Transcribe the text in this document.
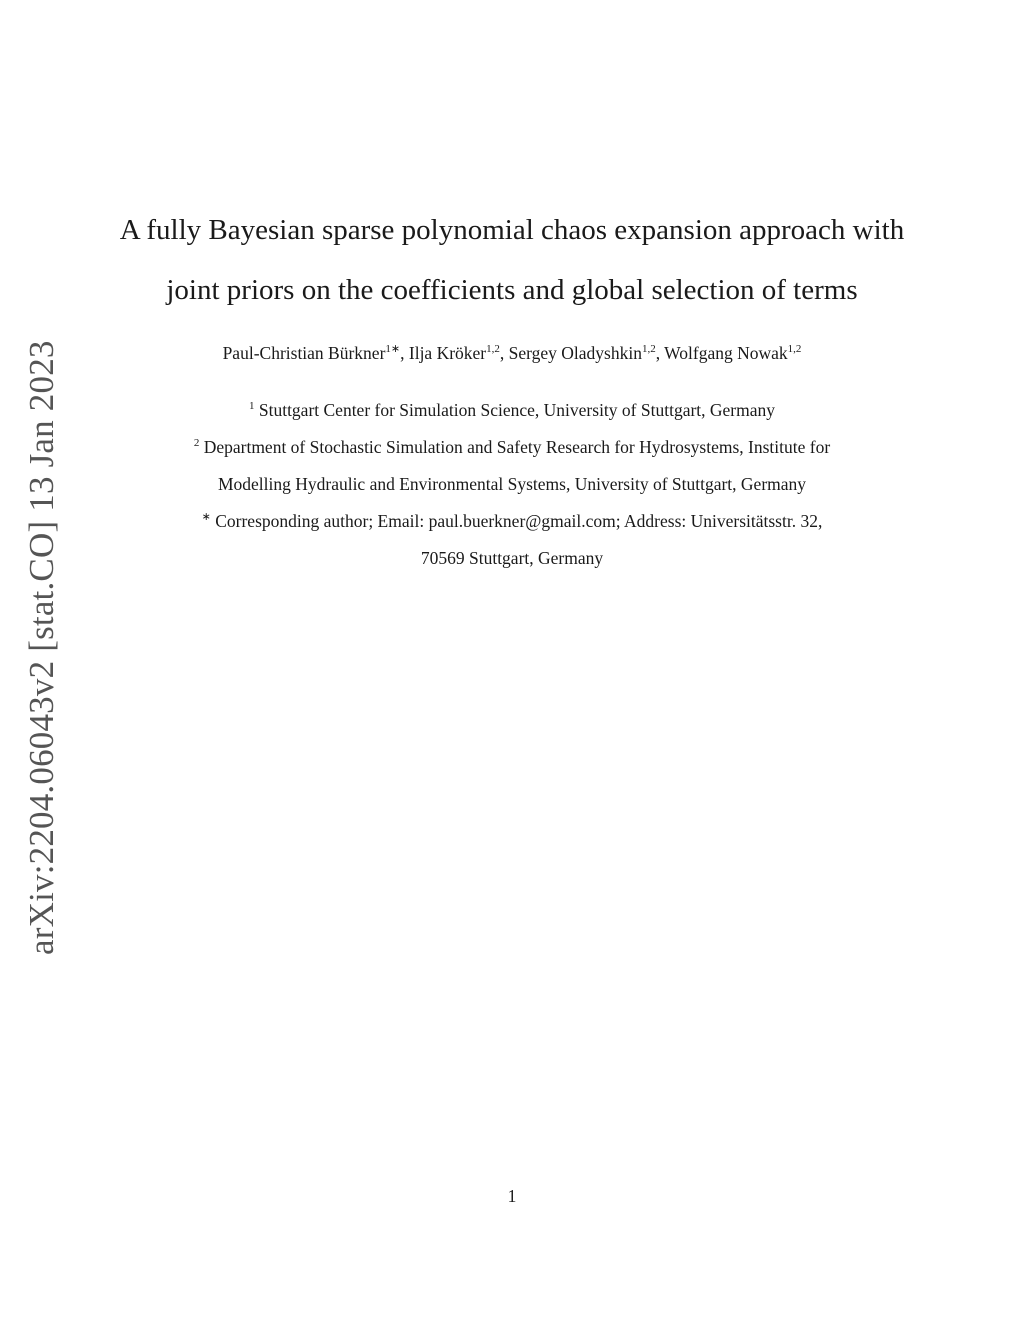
arXiv:2204.06043v2 [stat.CO] 13 Jan 2023
A fully Bayesian sparse polynomial chaos expansion approach with
joint priors on the coefficients and global selection of terms
Paul-Christian Bürkner$^{1∗}$, Ilja Kröker$^{1,2}$, Sergey Oladyshkin$^{1,2}$, Wolfgang Nowak$^{1,2}$
$^1$ Stuttgart Center for Simulation Science, University of Stuttgart, Germany
$^2$ Department of Stochastic Simulation and Safety Research for Hydrosystems, Institute for
Modelling Hydraulic and Environmental Systems, University of Stuttgart, Germany
∗ Corresponding author; Email: paul.buerkner@gmail.com; Address: Universitätsstr. 32,
70569 Stuttgart, Germany
1
